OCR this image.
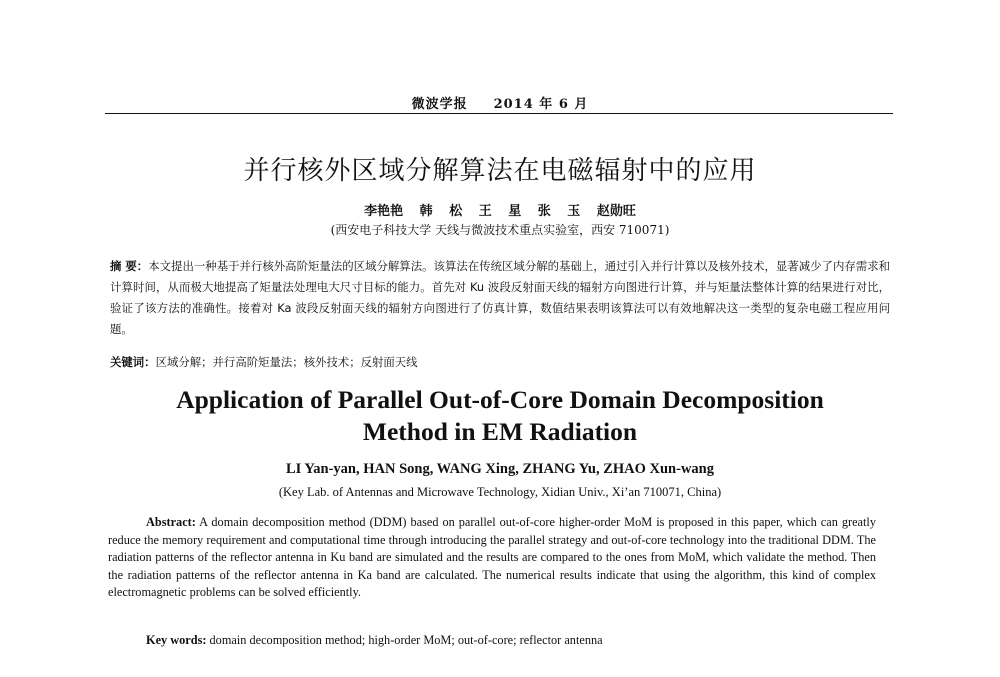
微波学报 2014 年 6 月
并行核外区域分解算法在电磁辐射中的应用
李艳艳 韩 松 王 星 张 玉 赵勋旺
(西安电子科技大学 天线与微波技术重点实验室，西安 710071)
摘 要：本文提出一种基于并行核外高阶矩量法的区域分解算法。该算法在传统区域分解的基础上，通过引入并行计算以及核外技术，显著减少了内存需求和计算时间，从而极大地提高了矩量法处理电大尺寸目标的能力。首先对 Ku 波段反射面天线的辐射方向图进行计算，并与矩量法整体计算的结果进行对比，验证了该方法的准确性。接着对 Ka 波段反射面天线的辐射方向图进行了仿真计算，数值结果表明该算法可以有效地解决这一类型的复杂电磁工程应用问题。
关键词：区域分解；并行高阶矩量法；核外技术；反射面天线
Application of Parallel Out-of-Core Domain Decomposition
Method in EM Radiation
LI Yan-yan, HAN Song, WANG Xing, ZHANG Yu, ZHAO Xun-wang
(Key Lab. of Antennas and Microwave Technology, Xidian Univ., Xi’an 710071, China)
Abstract: A domain decomposition method (DDM) based on parallel out-of-core higher-order MoM is proposed in this paper, which can greatly reduce the memory requirement and computational time through introducing the parallel strategy and out-of-core technology into the traditional DDM. The radiation patterns of the reflector antenna in Ku band are simulated and the results are compared to the ones from MoM, which validate the method. Then the radiation patterns of the reflector antenna in Ka band are calculated. The numerical results indicate that using the algorithm, this kind of complex electromagnetic problems can be solved efficiently.
Key words: domain decomposition method; high-order MoM; out-of-core; reflector antenna
